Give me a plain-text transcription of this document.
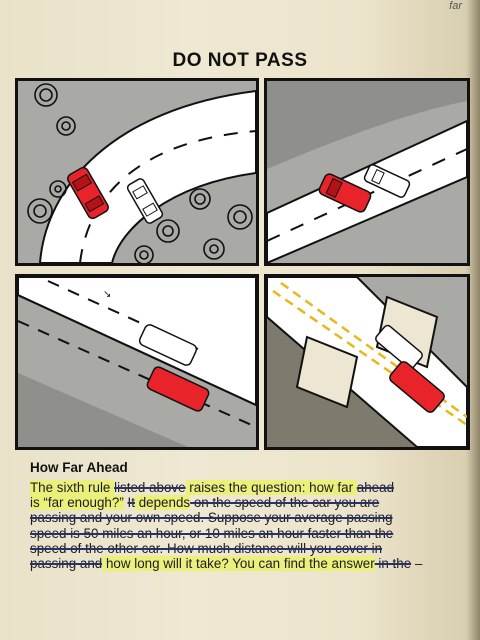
far
DO NOT PASS
↘
How Far Ahead

The sixth rule listed above raises the question: how far ahead

is “far enough?” It depends on the speed of the car you are

passing and your own speed. Suppose your average passing

speed is 50 miles an hour, or 10 miles an hour faster than the

speed of the other car. How much distance will you cover in

passing and how long will it take? You can find the answer in the –
